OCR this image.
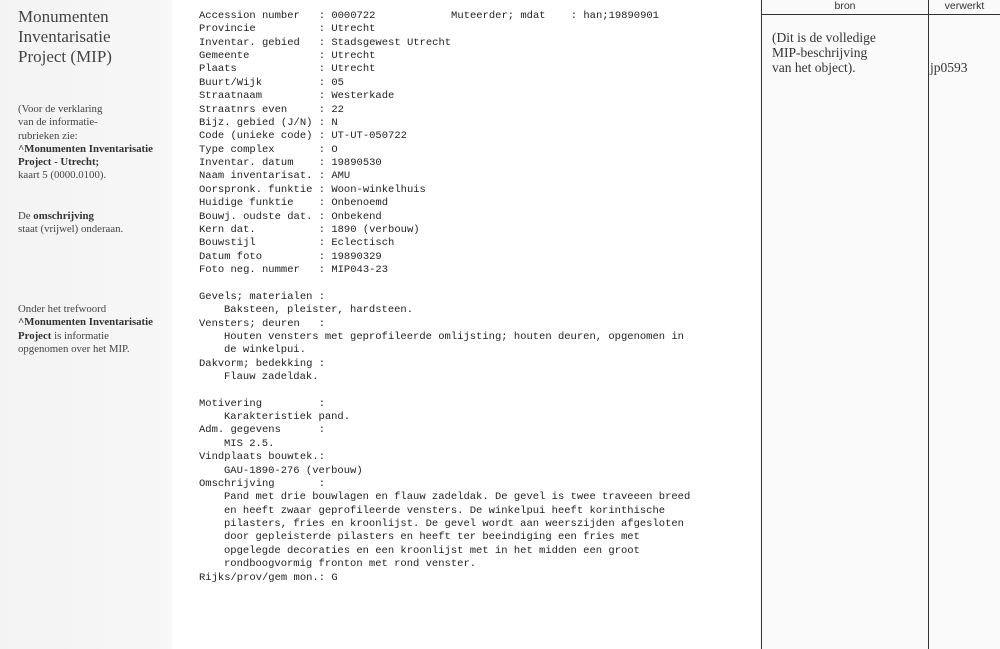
Monumenten
Inventarisatie
Project (MIP)
(Voor de verklaring
van de informatie-
rubrieken zie:
^Monumenten Inventarisatie
Project - Utrecht;
kaart 5 (0000.0100).
De omschrijving
staat (vrijwel) onderaan.
Onder het trefwoord
^Monumenten Inventarisatie
Project is informatie
opgenomen over het MIP.
Accession number : 0000722	Muteerder; mdat : han;19890901
Provincie	: Utrecht
Inventar. gebied : Stadsgewest Utrecht
Gemeente	: Utrecht
Plaats	: Utrecht
Buurt/Wijk	: 05
Straatnaam	: Westerkade
Straatnrs even	: 22
Bijz. gebied (J/N) : N
Code (unieke code) : UT-UT-050722
Type complex	: O
Inventar. datum : 19890530
Naam inventarisat. : AMU
Oorspronk. funktie : Woon-winkelhuis
Huidige funktie : Onbenoemd
Bouwj. oudste dat. : Onbekend
Kern dat.	: 1890 (verbouw)
Bouwstijl	: Eclectisch
Datum foto	: 19890329
Foto neg. nummer : MIP043-23
Gevels; materialen :
Baksteen, pleister, hardsteen.
Vensters; deuren   :
Houten vensters met geprofileerde omlijsting; houten deuren, opgenomen in
de winkelpui.
Dakvorm; bedekking :
Flauw zadeldak.
Motivering         :
Karakteristiek pand.
Adm. gegevens      :
MIS 2.5.
Vindplaats bouwtek.:
GAU-1890-276 (verbouw)
Omschrijving       :
Pand met drie bouwlagen en flauw zadeldak. De gevel is twee traveeen breed
en heeft zwaar geprofileerde vensters. De winkelpui heeft korinthische
pilasters, fries en kroonlijst. De gevel wordt aan weerszijden afgesloten
door gepleisterde pilasters en heeft ter beeindiging een fries met
opgelegde decoraties en een kroonlijst met in het midden een groot
rondboogvormig fronton met rond venster.
Rijks/prov/gem mon.: G
bron	verwerkt
(Dit is de volledige
MIP-beschrijving
van het object).	jp0593
